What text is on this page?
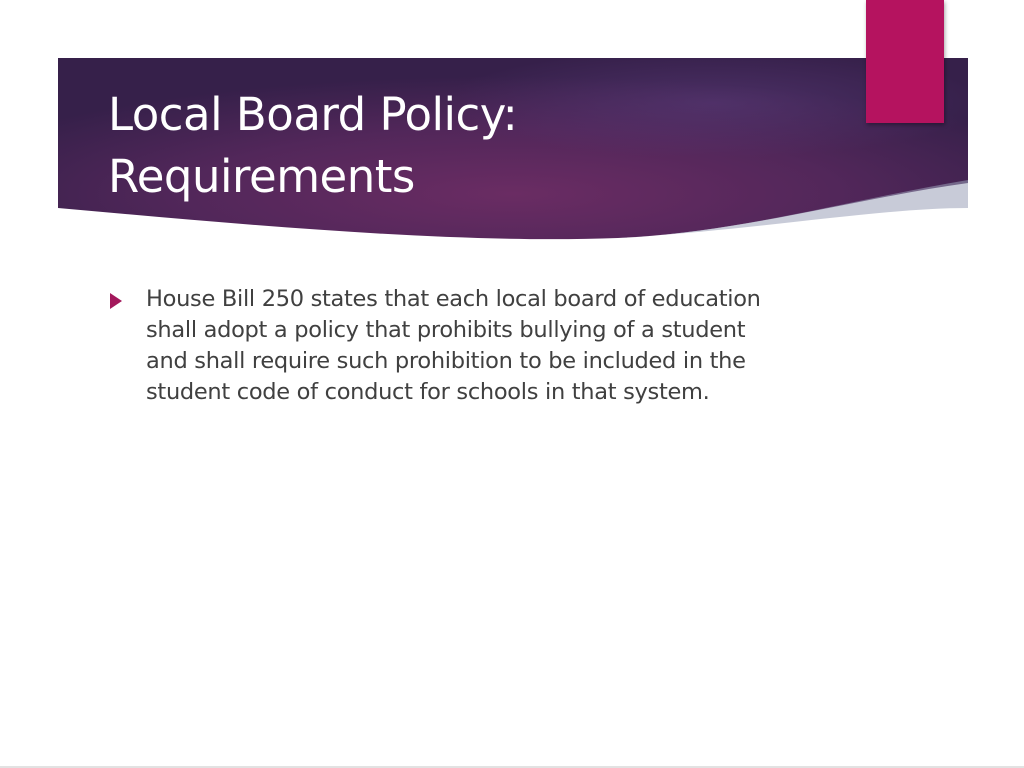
Local Board Policy:
Requirements
House Bill 250 states that each local board of education shall adopt a policy that prohibits bullying of a student and shall require such prohibition to be included in the student code of conduct for schools in that system.
